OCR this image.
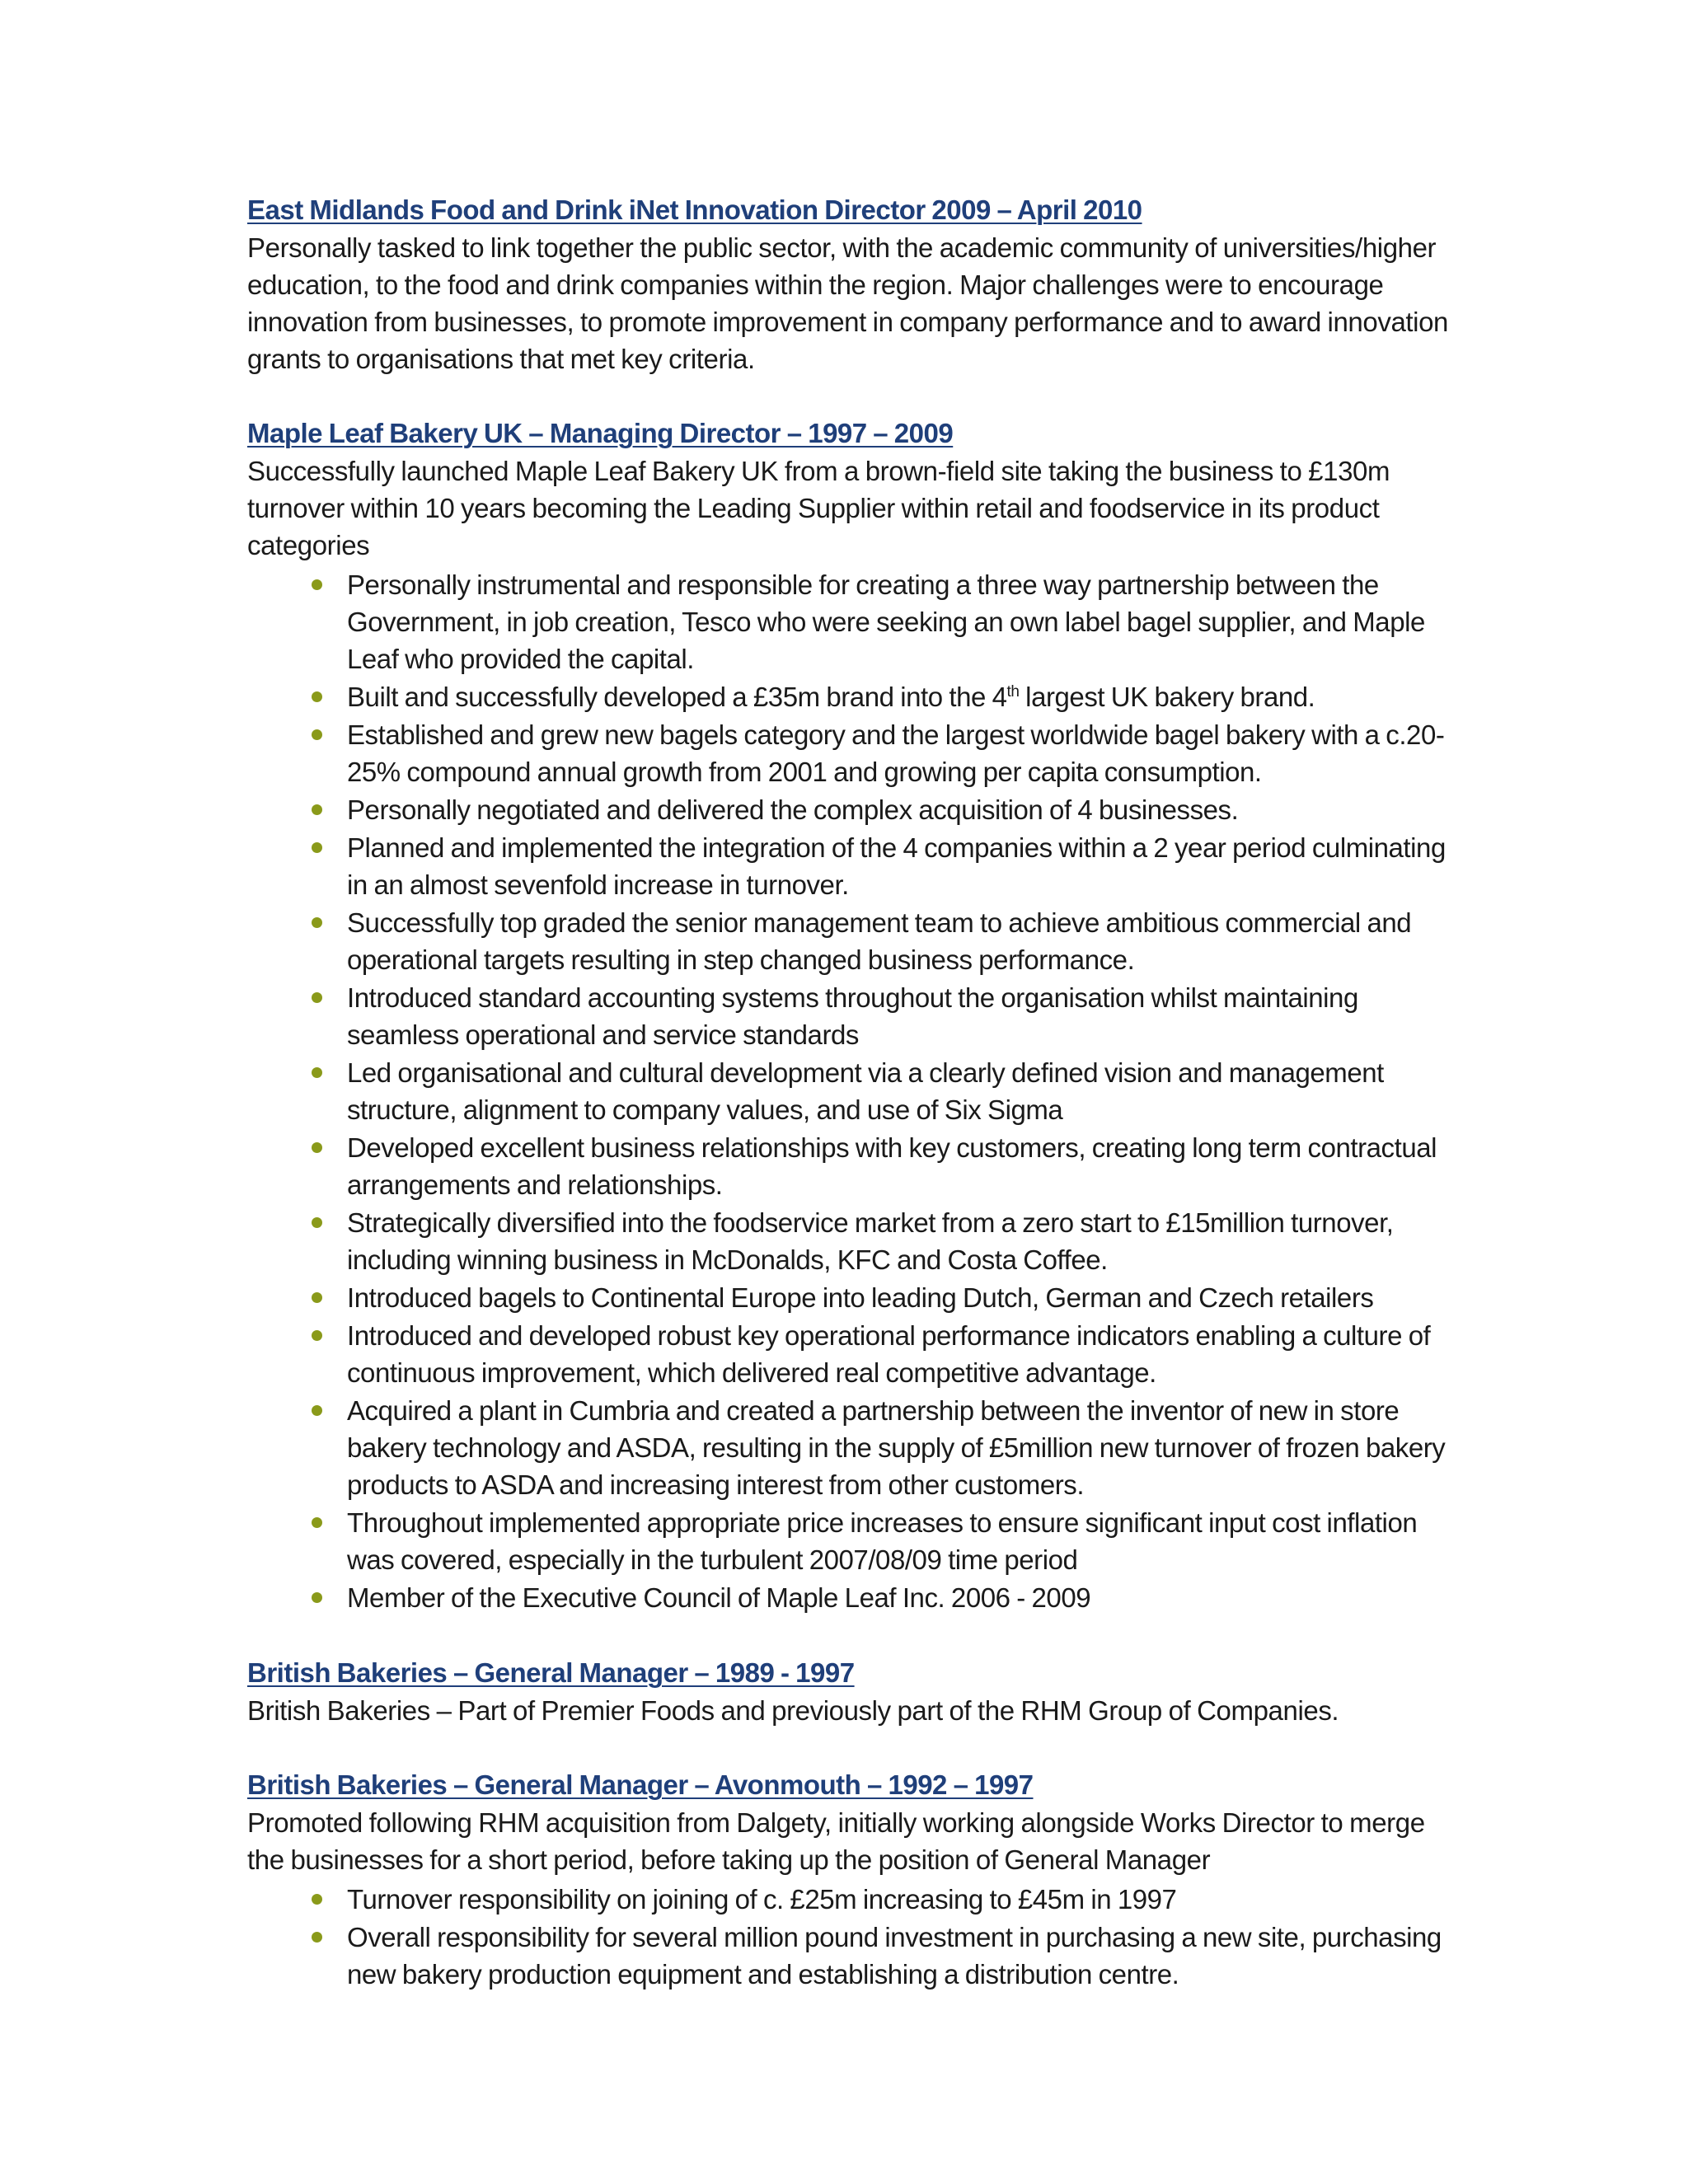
East Midlands Food and Drink iNet Innovation Director 2009 – April 2010

Personally tasked to link together the public sector, with the academic community of universities/higher education, to the food and drink companies within the region. Major challenges were to encourage innovation from businesses, to promote improvement in company performance and to award innovation grants to organisations that met key criteria.

Maple Leaf Bakery UK – Managing Director – 1997 – 2009

Successfully launched Maple Leaf Bakery UK from a brown-field site taking the business to £130m turnover within 10 years becoming the Leading Supplier within retail and foodservice in its product categories

Personally instrumental and responsible for creating a three way partnership between the Government, in job creation, Tesco who were seeking an own label bagel supplier, and Maple Leaf who provided the capital.
Built and successfully developed a £35m brand into the 4th largest UK bakery brand.
Established and grew new bagels category and the largest worldwide bagel bakery with a c.20-25% compound annual growth from 2001 and growing per capita consumption.
Personally negotiated and delivered the complex acquisition of 4 businesses.
Planned and implemented the integration of the 4 companies within a 2 year period culminating in an almost sevenfold increase in turnover.
Successfully top graded the senior management team to achieve ambitious commercial and operational targets resulting in step changed business performance.
Introduced standard accounting systems throughout the organisation whilst maintaining seamless operational and service standards
Led organisational and cultural development via a clearly defined vision and management structure, alignment to company values, and use of Six Sigma
Developed excellent business relationships with key customers, creating long term contractual arrangements and relationships.
Strategically diversified into the foodservice market from a zero start to £15million turnover, including winning business in McDonalds, KFC and Costa Coffee.
Introduced bagels to Continental Europe into leading Dutch, German and Czech retailers
Introduced and developed robust key operational performance indicators enabling a culture of continuous improvement, which delivered real competitive advantage.
Acquired a plant in Cumbria and created a partnership between the inventor of new in store bakery technology and ASDA, resulting in the supply of £5million new turnover of frozen bakery products to ASDA and increasing interest from other customers.
Throughout implemented appropriate price increases to ensure significant input cost inflation was covered, especially in the turbulent 2007/08/09 time period
Member of the Executive Council of Maple Leaf Inc. 2006 - 2009
British Bakeries – General Manager – 1989 - 1997

British Bakeries – Part of Premier Foods and previously part of the RHM Group of Companies.

British Bakeries – General Manager – Avonmouth – 1992 – 1997

Promoted following RHM acquisition from Dalgety, initially working alongside Works Director to merge the businesses for a short period, before taking up the position of General Manager

Turnover responsibility on joining of c. £25m increasing to £45m in 1997
Overall responsibility for several million pound investment in purchasing a new site, purchasing new bakery production equipment and establishing a distribution centre.
